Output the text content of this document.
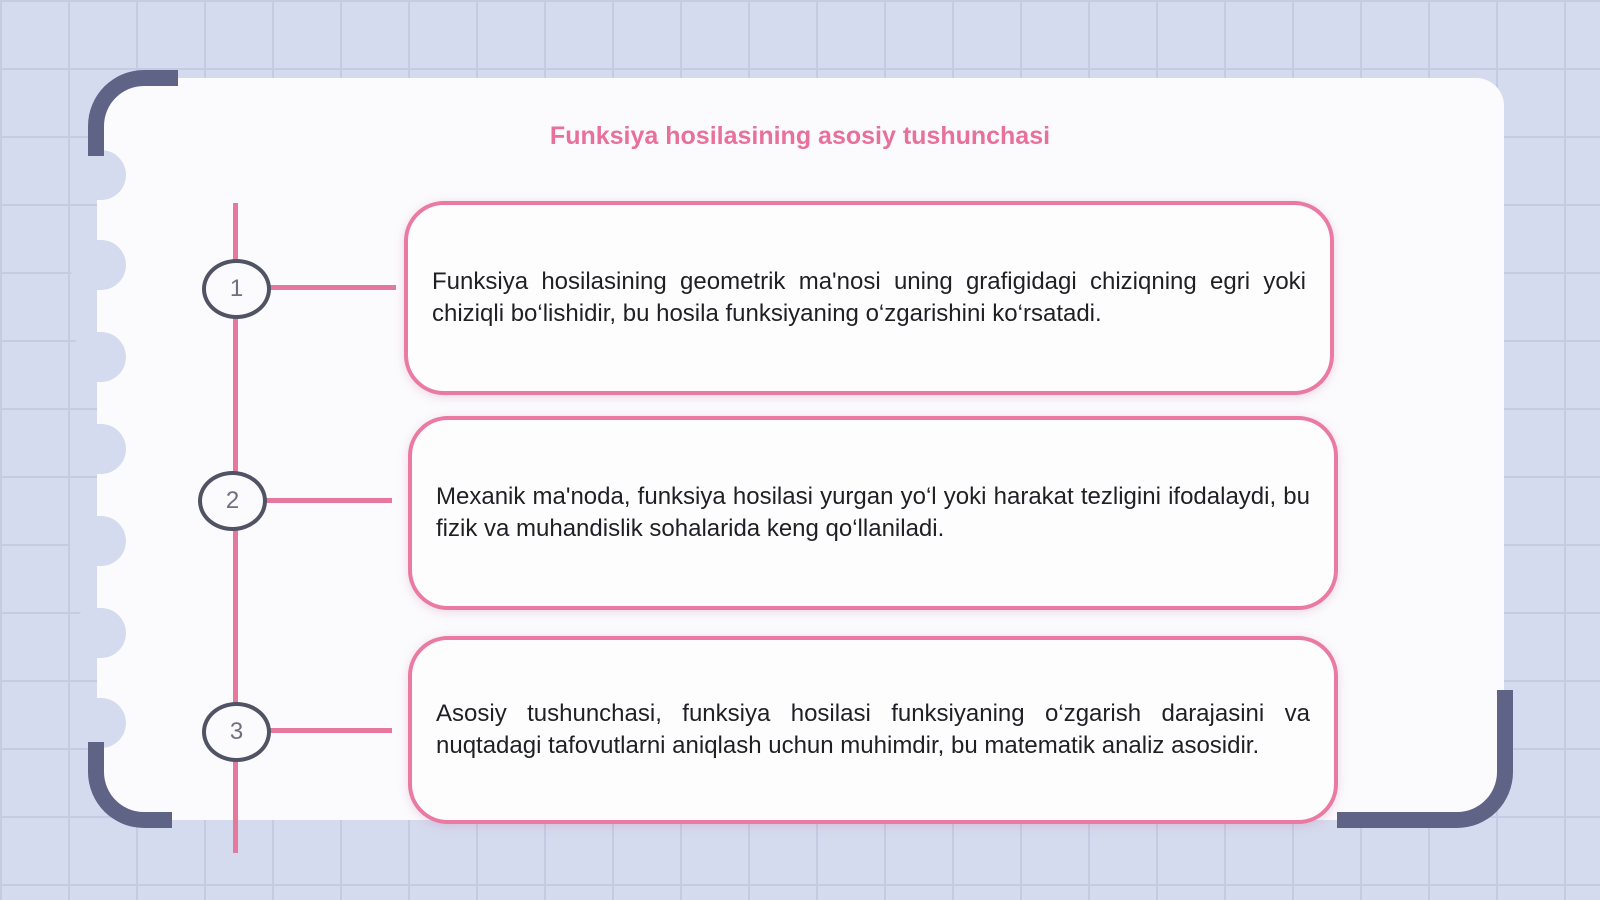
Funksiya hosilasining asosiy tushunchasi
1
2
3
Funksiya hosilasining geometrik ma'nosi uning grafigidagi chiziqning egri yoki chiziqli bo‘lishidir, bu hosila funksiyaning o‘zgarishini ko‘rsatadi.
Mexanik ma'noda, funksiya hosilasi yurgan yo‘l yoki harakat tezligini ifodalaydi, bu fizik va muhandislik sohalarida keng qo‘llaniladi.
Asosiy tushunchasi, funksiya hosilasi funksiyaning o‘zgarish darajasini va nuqtadagi tafovutlarni aniqlash uchun muhimdir, bu matematik analiz asosidir.
